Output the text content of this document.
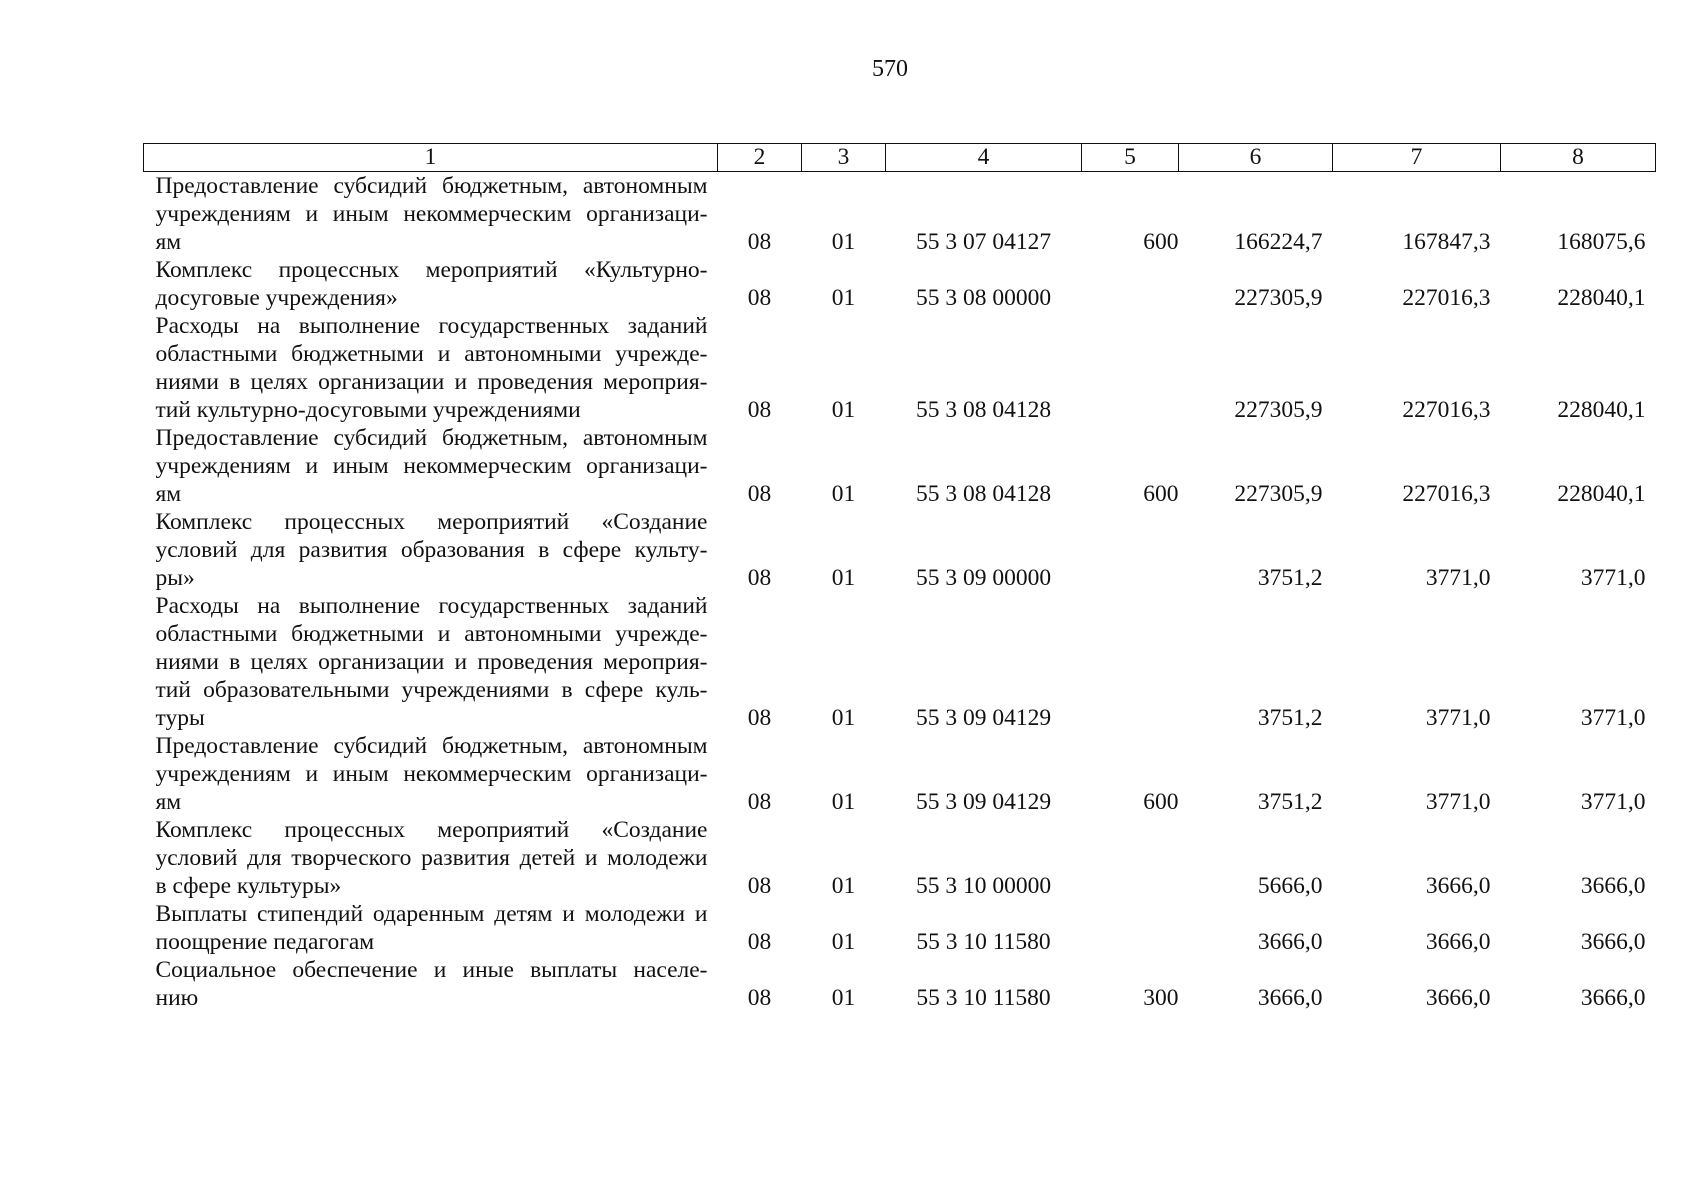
570
1	2	3	4	5	6	7	8

Предоставление субсидий бюджетным, автономным
учреждениям и иным некоммерческим организаци-
ям	08	01	55 3 07 04127	600	166224,7	167847,3	168075,6

Комплекс процессных мероприятий «Культурно-
досуговые учреждения»	08	01	55 3 08 00000		227305,9	227016,3	228040,1

Расходы на выполнение государственных заданий
областными бюджетными и автономными учрежде-
ниями в целях организации и проведения мероприя-
тий культурно-досуговыми учреждениями	08	01	55 3 08 04128		227305,9	227016,3	228040,1

Предоставление субсидий бюджетным, автономным
учреждениям и иным некоммерческим организаци-
ям	08	01	55 3 08 04128	600	227305,9	227016,3	228040,1

Комплекс процессных мероприятий «Создание
условий для развития образования в сфере культу-
ры»	08	01	55 3 09 00000		3751,2	3771,0	3771,0

Расходы на выполнение государственных заданий
областными бюджетными и автономными учрежде-
ниями в целях организации и проведения мероприя-
тий образовательными учреждениями в сфере куль-
туры	08	01	55 3 09 04129		3751,2	3771,0	3771,0

Предоставление субсидий бюджетным, автономным
учреждениям и иным некоммерческим организаци-
ям	08	01	55 3 09 04129	600	3751,2	3771,0	3771,0

Комплекс процессных мероприятий «Создание
условий для творческого развития детей и молодежи
в сфере культуры»	08	01	55 3 10 00000		5666,0	3666,0	3666,0

Выплаты стипендий одаренным детям и молодежи и
поощрение педагогам	08	01	55 3 10 11580		3666,0	3666,0	3666,0

Социальное обеспечение и иные выплаты населе-
нию	08	01	55 3 10 11580	300	3666,0	3666,0	3666,0
